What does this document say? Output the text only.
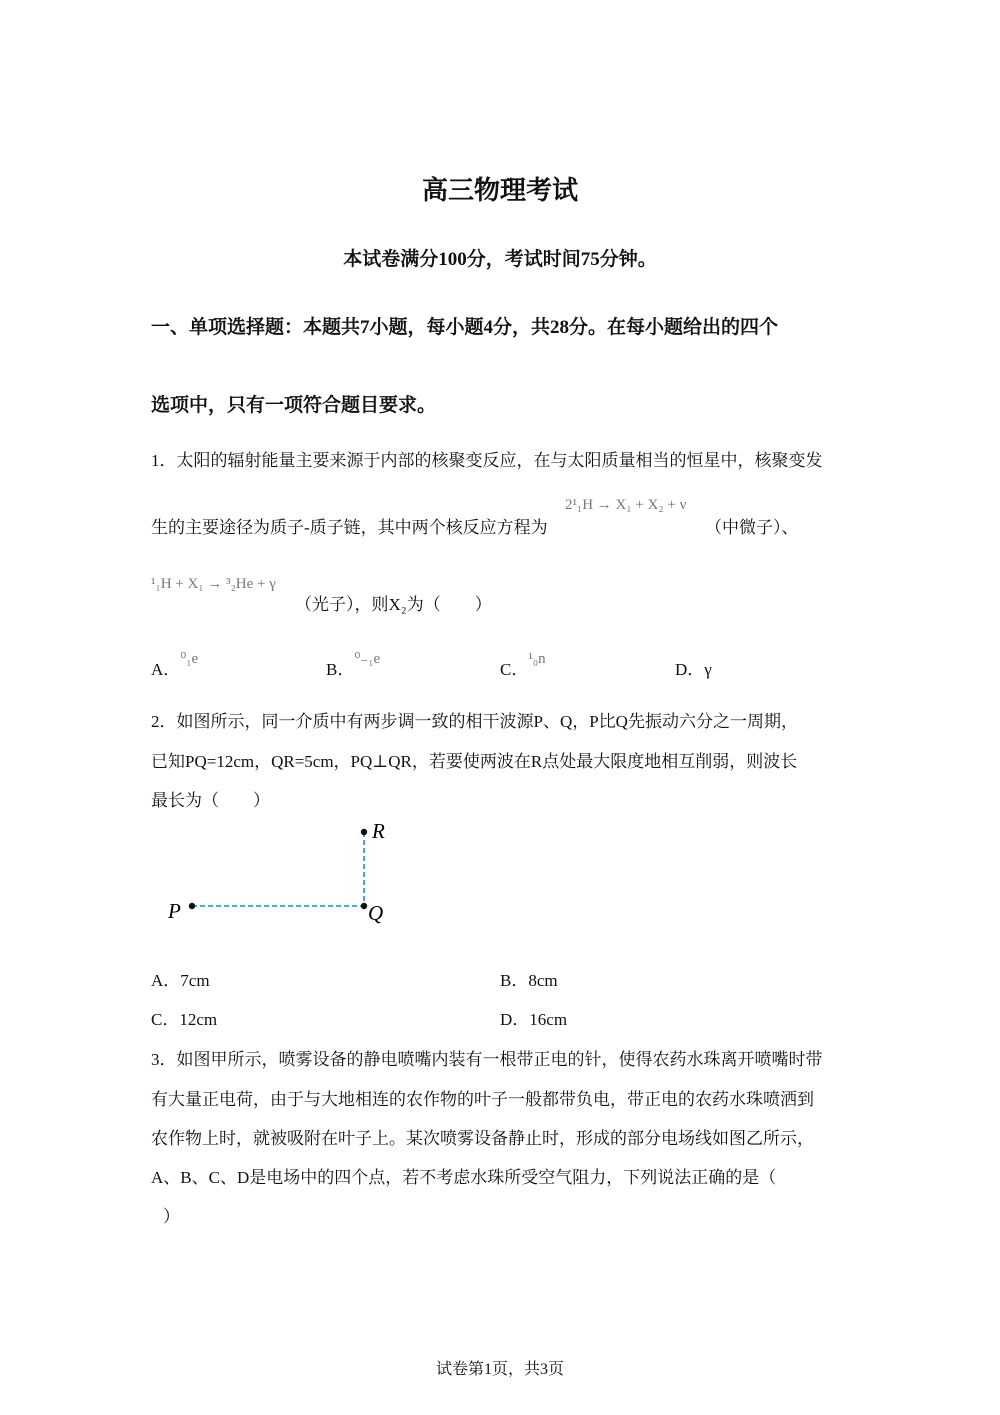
高三物理考试
本试卷满分100分，考试时间75分钟。
一、单项选择题：本题共7小题，每小题4分，共28分。在每小题给出的四个
选项中，只有一项符合题目要求。
1．太阳的辐射能量主要来源于内部的核聚变反应，在与太阳质量相当的恒星中，核聚变发
生的主要途径为质子-质子链，其中两个核反应方程为
2¹₁H → X₁ + X₂ + ν
（中微子）、
¹₁H + X₁ → ³₂He + γ
（光子），则X₂为（　　）
A．⁰₁e
B．⁰₋₁e
C．¹₀n
D．γ
2．如图所示，同一介质中有两步调一致的相干波源P、Q，P比Q先振动六分之一周期，
已知PQ=12cm，QR=5cm，PQ⊥QR，若要使两波在R点处最大限度地相互削弱，则波长
最长为（　　）
P	Q
R
A．7cm	B．8cm
C．12cm	D．16cm
3．如图甲所示，喷雾设备的静电喷嘴内装有一根带正电的针，使得农药水珠离开喷嘴时带
有大量正电荷，由于与大地相连的农作物的叶子一般都带负电，带正电的农药水珠喷洒到
农作物上时，就被吸附在叶子上。某次喷雾设备静止时，形成的部分电场线如图乙所示，
A、B、C、D是电场中的四个点，若不考虑水珠所受空气阻力，下列说法正确的是（
）
试卷第1页，共3页
